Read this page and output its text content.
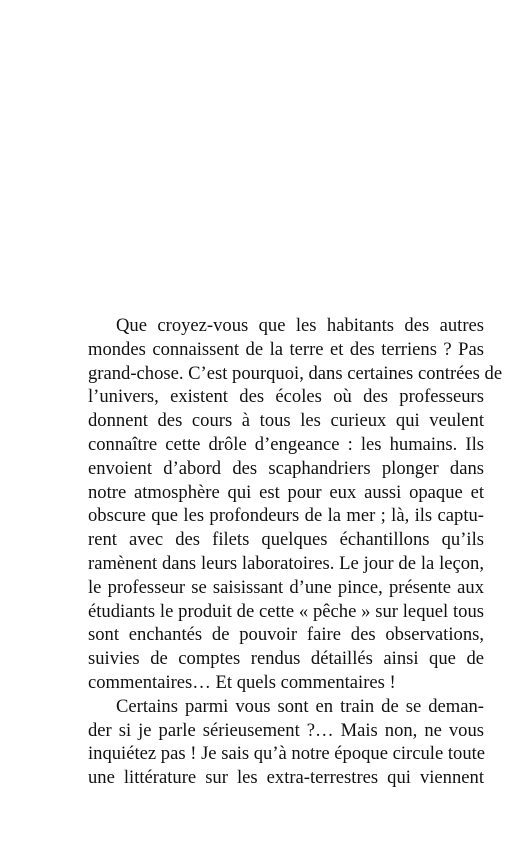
Que croyez-vous que les habitants des autres
mondes connaissent de la terre et des terriens ? Pas
grand-chose. C’est pourquoi, dans certaines contrées de
l’univers, existent des écoles où des professeurs
donnent des cours à tous les curieux qui veulent
connaître cette drôle d’engeance : les humains. Ils
envoient d’abord des scaphandriers plonger dans
notre atmosphère qui est pour eux aussi opaque et
obscure que les profondeurs de la mer ; là, ils captu-
rent avec des filets quelques échantillons qu’ils
ramènent dans leurs laboratoires. Le jour de la leçon,
le professeur se saisissant d’une pince, présente aux
étudiants le produit de cette « pêche » sur lequel tous
sont enchantés de pouvoir faire des observations,
suivies de comptes rendus détaillés ainsi que de
commentaires… Et quels commentaires !
Certains parmi vous sont en train de se deman-
der si je parle sérieusement ?… Mais non, ne vous
inquiétez pas ! Je sais qu’à notre époque circule toute
une littérature sur les extra-terrestres qui viennent
